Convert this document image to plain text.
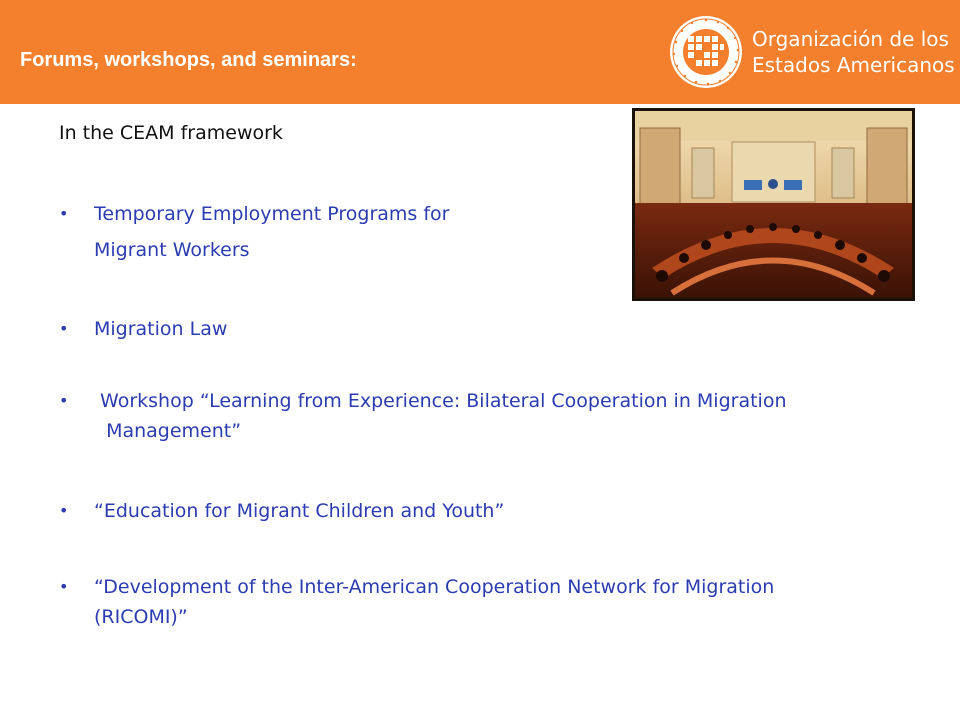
Forums, workshops, and seminars:
Organización de los
Estados Americanos
In the CEAM framework
•	Temporary Employment Programs for
Migrant Workers
•	Migration Law
•	Workshop “Learning from Experience: Bilateral Cooperation in Migration
Management”
•	“Education for Migrant Children and Youth”
•	“Development of the Inter-American Cooperation Network for Migration
(RICOMI)”
